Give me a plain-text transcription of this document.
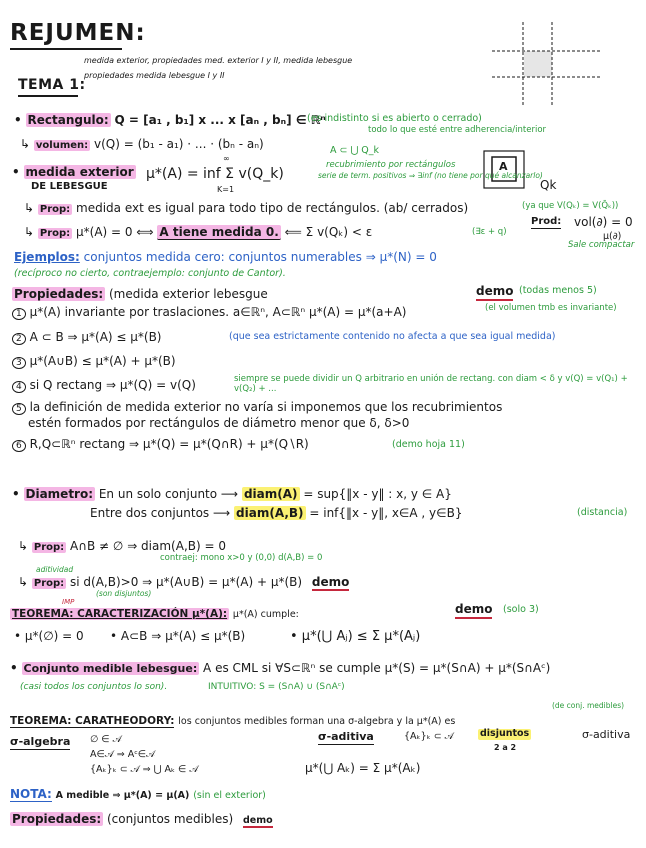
REJUMEN:
medida exterior, propiedades med. exterior I y II, medida lebesgue
TEMA 1:
propiedades medida lebesgue I y II
• Rectangulo: Q = [a₁ , b₁] x ... x [aₙ , bₙ] ∈ ℝⁿ
(es indistinto si es abierto o cerrado)
todo lo que esté entre adherencia/interior
↳ volumen: v(Q) = (b₁ - a₁) · ... · (bₙ - aₙ)	A ⊂ ⋃ Q_k
A
Qk
• medida exterior
DE LEBESGUE
μ*(A) = inf Σ v(Q_k)
∞
K=1
recubrimiento por rectángulos
serie de term. positivos ⇒ ∃inf (no tiene por qué alcanzarlo)
↳ Prop: medida ext es igual para todo tipo de rectángulos. (ab/ cerrados)	(ya que V(Qₖ) = V(Q̄ₖ))
Prod: vol(∂) = 0
μ(∂)
Sale compactar
↳ Prop: μ*(A) = 0 ⟺ A tiene medida 0. ⟸ Σ v(Qₖ) < ε	(∃ε + q)
Ejemplos: conjuntos medida cero: conjuntos numerables ⇒ μ*(N) = 0
(recíproco no cierto, contraejemplo: conjunto de Cantor).
Propiedades: (medida exterior lebesgue	demo (todas menos 5)
1 μ*(A) invariante por traslaciones. a∈ℝⁿ, A⊂ℝⁿ μ*(A) = μ*(a+A)	(el volumen tmb es invariante)
2 A ⊂ B ⇒ μ*(A) ≤ μ*(B)	(que sea estrictamente contenido no afecta a que sea igual medida)
3 μ*(A∪B) ≤ μ*(A) + μ*(B)
4 si Q rectang ⇒ μ*(Q) = v(Q)	siempre se puede dividir un Q arbitrario en unión de rectang. con diam < δ y v(Q) = v(Q₁) + v(Q₂) + ...
5 la definición de medida exterior no varía si imponemos que los recubrimientos
estén formados por rectángulos de diámetro menor que δ, δ>0
6 R,Q⊂ℝⁿ rectang ⇒ μ*(Q) = μ*(Q∩R) + μ*(Q∖R)	(demo hoja 11)
• Diametro: En un solo conjunto ⟶ diam(A) = sup{‖x - y‖ : x, y ∈ A}
Entre dos conjuntos ⟶ diam(A,B) = inf{‖x - y‖, x∈A , y∈B}	(distancia)
↳ Prop: A∩B ≠ ∅ ⇒ diam(A,B) = 0
contraej: mono x>0 y (0,0) d(A,B) = 0
aditividad
↳ Prop: si d(A,B)>0 ⇒ μ*(A∪B) = μ*(A) + μ*(B) demo
(son disjuntos)
IMP
TEOREMA: CARACTERIZACIÓN μ*(A): μ*(A) cumple:	demo (solo 3)
• μ*(∅) = 0 • A⊂B ⇒ μ*(A) ≤ μ*(B)	• μ*(⋃ Aⱼ) ≤ Σ μ*(Aⱼ)
• Conjunto medible lebesgue: A es CML si ∀S⊂ℝⁿ se cumple μ*(S) = μ*(S∩A) + μ*(S∩Aᶜ)
(casi todos los conjuntos lo son).	INTUITIVO: S = (S∩A) ∪ (S∩Aᶜ)
(de conj. medibles)
TEOREMA: CARATHEODORY: los conjuntos medibles forman una σ-algebra y la μ*(A) es
σ-algebra ∅ ∈ 𝒜
A∈𝒜 ⇒ Aᶜ∈𝒜
{Aₖ}ₖ ⊂ 𝒜 ⇒ ⋃ Aₖ ∈ 𝒜
σ-aditiva	{Aₖ}ₖ ⊂ 𝒜	disjuntos
2 a 2
μ*(⋃ Aₖ) = Σ μ*(Aₖ)
σ-aditiva
NOTA: A medible ⇒ μ*(A) = μ(A) (sin el exterior)
Propiedades: (conjuntos medibles) demo
